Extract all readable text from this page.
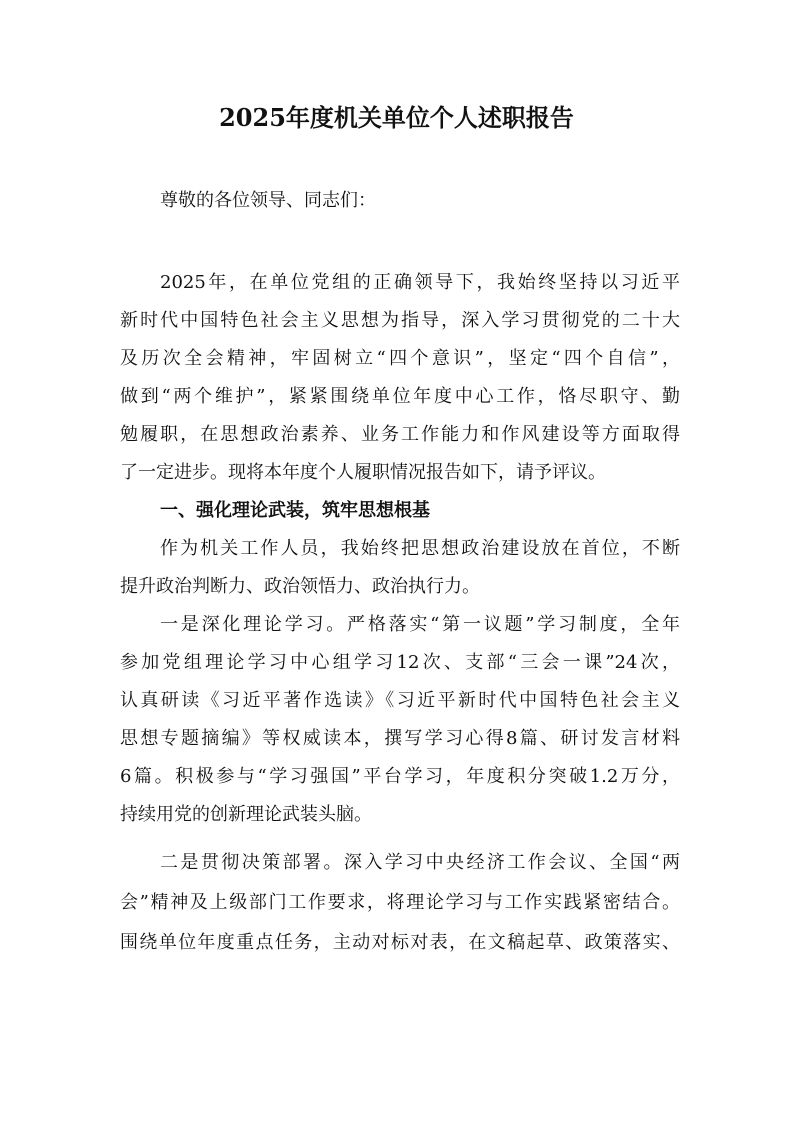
2025年度机关单位个人述职报告
尊敬的各位领导、同志们：
2025年，在单位党组的正确领导下，我始终坚持以习近平
新时代中国特色社会主义思想为指导，深入学习贯彻党的二十大
及历次全会精神，牢固树立“四个意识”，坚定“四个自信”，
做到“两个维护”，紧紧围绕单位年度中心工作，恪尽职守、勤
勉履职，在思想政治素养、业务工作能力和作风建设等方面取得
了一定进步。现将本年度个人履职情况报告如下，请予评议。
一、强化理论武装，筑牢思想根基
作为机关工作人员，我始终把思想政治建设放在首位，不断
提升政治判断力、政治领悟力、政治执行力。
一是深化理论学习。严格落实“第一议题”学习制度，全年
参加党组理论学习中心组学习12次、支部“三会一课”24次，
认真研读《习近平著作选读》《习近平新时代中国特色社会主义
思想专题摘编》等权威读本，撰写学习心得8篇、研讨发言材料
6篇。积极参与“学习强国”平台学习，年度积分突破1.2万分，
持续用党的创新理论武装头脑。
二是贯彻决策部署。深入学习中央经济工作会议、全国“两
会”精神及上级部门工作要求，将理论学习与工作实践紧密结合。
围绕单位年度重点任务，主动对标对表，在文稿起草、政策落实、
